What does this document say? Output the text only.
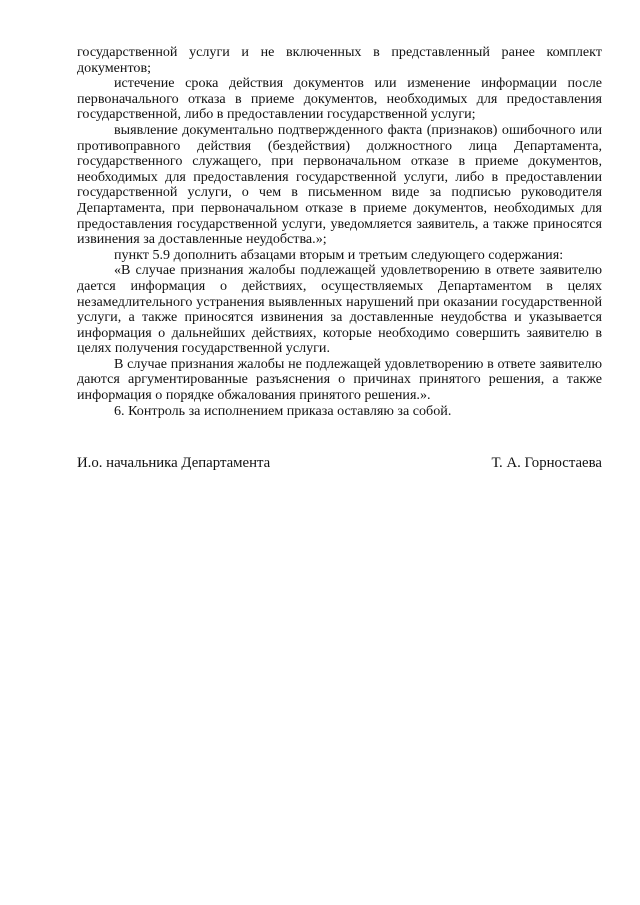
государственной услуги и не включенных в представленный ранее комплект документов;

истечение срока действия документов или изменение информации после первоначального отказа в приеме документов, необходимых для предоставления государственной, либо в предоставлении государственной услуги;

выявление документально подтвержденного факта (признаков) ошибочного или противоправного действия (бездействия) должностного лица Департамента, государственного служащего, при первоначальном отказе в приеме документов, необходимых для предоставления государственной услуги, либо в предоставлении государственной услуги, о чем в письменном виде за подписью руководителя Департамента, при первоначальном отказе в приеме документов, необходимых для предоставления государственной услуги, уведомляется заявитель, а также приносятся извинения за доставленные неудобства.»;

пункт 5.9 дополнить абзацами вторым и третьим следующего содержания:

«В случае признания жалобы подлежащей удовлетворению в ответе заявителю дается информация о действиях, осуществляемых Департаментом в целях незамедлительного устранения выявленных нарушений при оказании государственной услуги, а также приносятся извинения за доставленные неудобства и указывается информация о дальнейших действиях, которые необходимо совершить заявителю в целях получения государственной услуги.

В случае признания жалобы не подлежащей удовлетворению в ответе заявителю даются аргументированные разъяснения о причинах принятого решения, а также информация о порядке обжалования принятого решения.».

6. Контроль за исполнением приказа оставляю за собой.

И.о. начальника Департамента	Т. А. Горностаева
